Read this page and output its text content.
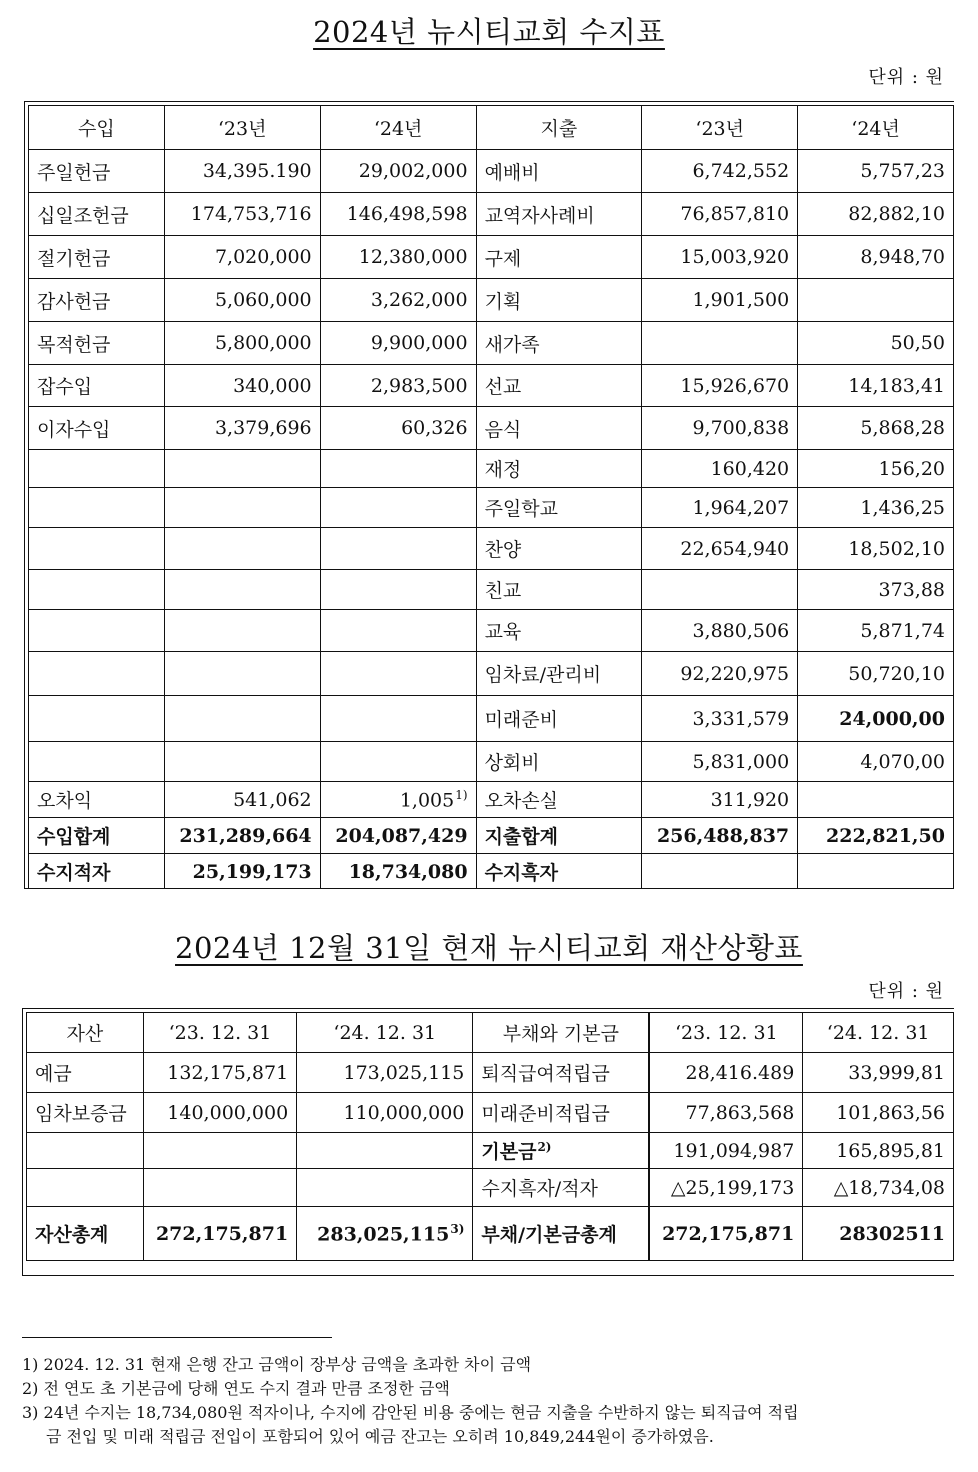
2024년 뉴시티교회 수지표
단위 : 원
수입	‘23년	‘24년	지출	‘23년	‘24년
주일헌금	34,395.190	29,002,000	예배비	6,742,552	5,757,23
십일조헌금	174,753,716	146,498,598	교역자사례비	76,857,810	82,882,10
절기헌금	7,020,000	12,380,000	구제	15,003,920	8,948,70
감사헌금	5,060,000	3,262,000	기획	1,901,500	
목적헌금	5,800,000	9,900,000	새가족		50,50
잡수입	340,000	2,983,500	선교	15,926,670	14,183,41
이자수입	3,379,696	60,326	음식	9,700,838	5,868,28
			재정	160,420	156,20
			주일학교	1,964,207	1,436,25
			찬양	22,654,940	18,502,10
			친교		373,88
			교육	3,880,506	5,871,74
			임차료/관리비	92,220,975	50,720,10
			미래준비	3,331,579	24,000,00
			상회비	5,831,000	4,070,00
오차익	541,062	1,005$^{1)}$	오차손실	311,920	
수입합계	231,289,664	204,087,429	지출합계	256,488,837	222,821,50
수지적자	25,199,173	18,734,080	수지흑자		
2024년 12월 31일 현재 뉴시티교회 재산상황표
단위 : 원
자산	‘23. 12. 31	‘24. 12. 31	부채와 기본금	‘23. 12. 31	‘24. 12. 31
예금	132,175,871	173,025,115	퇴직급여적립금	28,416.489	33,999,81
임차보증금	140,000,000	110,000,000	미래준비적립금	77,863,568	101,863,56
			기본금$^{2)}$	191,094,987	165,895,81
			수지흑자/적자	△25,199,173	△18,734,08
자산총계	272,175,871	283,025,115$^{3)}$	부채/기본금총계	272,175,871	28302511
1) 2024. 12. 31 현재 은행 잔고 금액이 장부상 금액을 초과한 차이 금액
2) 전 연도 초 기본금에 당해 연도 수지 결과 만큼 조정한 금액
3) 24년 수지는 18,734,080원 적자이나, 수지에 감안된 비용 중에는 현금 지출을 수반하지 않는 퇴직급여 적립
금 전입 및 미래 적립금 전입이 포함되어 있어 예금 잔고는 오히려 10,849,244원이 증가하였음.
